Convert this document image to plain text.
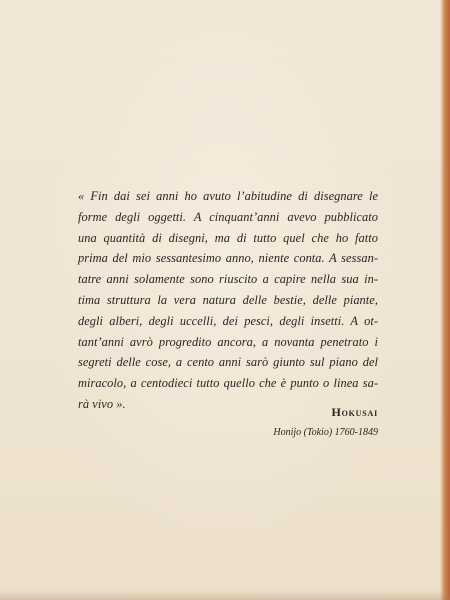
« Fin dai sei anni ho avuto l’abitudine di disegnare le
forme degli oggetti. A cinquant’anni avevo pubblicato
una quantità di disegni, ma di tutto quel che ho fatto
prima del mio sessantesimo anno, niente conta. A sessan-
tatre anni solamente sono riuscito a capire nella sua in-
tima struttura la vera natura delle bestie, delle piante,
degli alberi, degli uccelli, dei pesci, degli insetti. A ot-
tant’anni avrò progredito ancora, a novanta penetrato i
segreti delle cose, a cento anni sarò giunto sul piano del
miracolo, a centodieci tutto quello che è punto o linea sa-
rà vivo ».

Hokusai

Honijo (Tokio) 1760-1849
